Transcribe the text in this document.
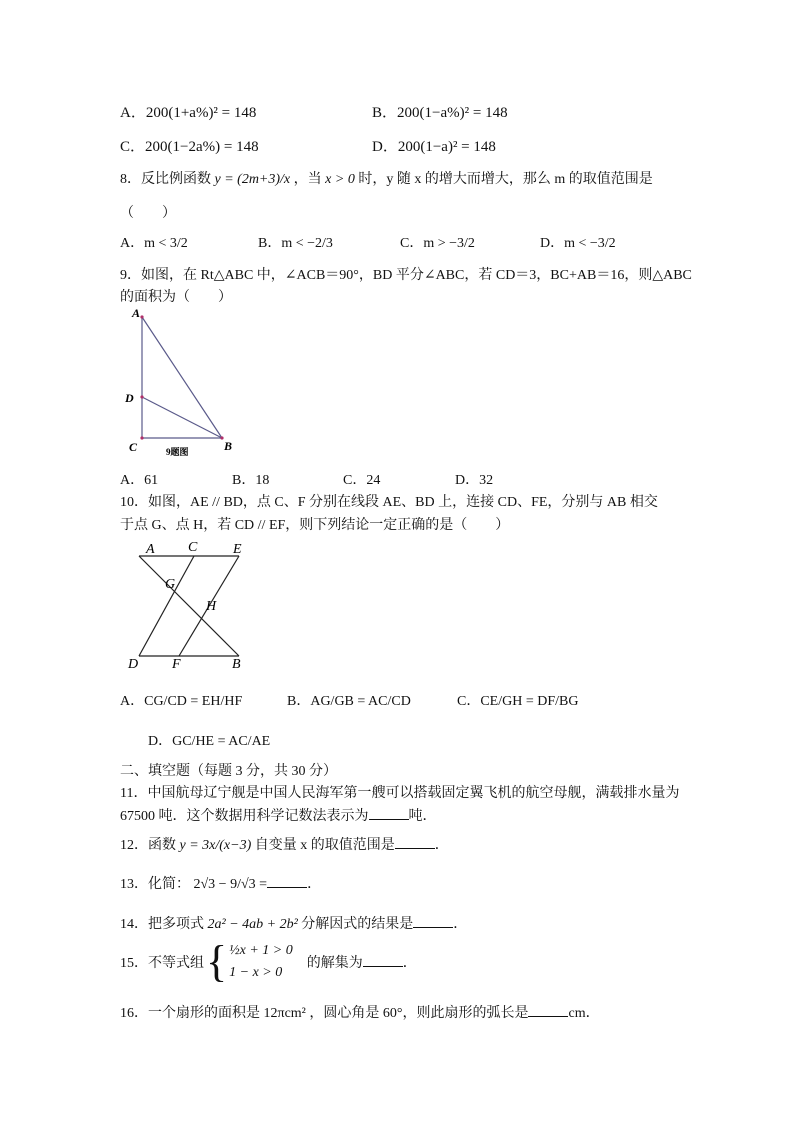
A．200(1+a%)² = 148	B．200(1−a%)² = 148
C．200(1−2a%) = 148	D．200(1−a)² = 148
8．反比例函数 y = (2m+3)/x ，当 x > 0 时，y 随 x 的增大而增大，那么 m 的取值范围是
（　　）
A．m < 3/2	B．m < −2/3	C．m > −3/2	D．m < −3/2
9．如图，在 Rt△ABC 中，∠ACB＝90°，BD 平分∠ABC，若 CD＝3，BC+AB＝16，则△ABC
的面积为（　　）
A
D
C	B
9题图
A．61	B．18	C．24	D．32
10．如图，AE // BD，点 C、F 分别在线段 AE、BD 上，连接 CD、FE，分别与 AB 相交
于点 G、点 H，若 CD // EF，则下列结论一定正确的是（　　）
A C	E
G
H
D F	B
A．CG/CD = EH/HF	B．AG/GB = AC/CD	C．CE/GH = DF/BG
D．GC/HE = AC/AE
二、填空题（每题 3 分，共 30 分）
11．中国航母辽宁舰是中国人民海军第一艘可以搭载固定翼飞机的航空母舰，满载排水量为
67500 吨．这个数据用科学记数法表示为	吨．
12．函数 y = 3x/(x−3) 自变量 x 的取值范围是	．
13．化简： 2√3 − 9/√3 =	．
14．把多项式 2a² − 4ab + 2b² 分解因式的结果是	．
15．不等式组 { ½x + 1 > 0
1 − x > 0
的解集为	．
16．一个扇形的面积是 12πcm² ，圆心角是 60°，则此扇形的弧长是	cm．
